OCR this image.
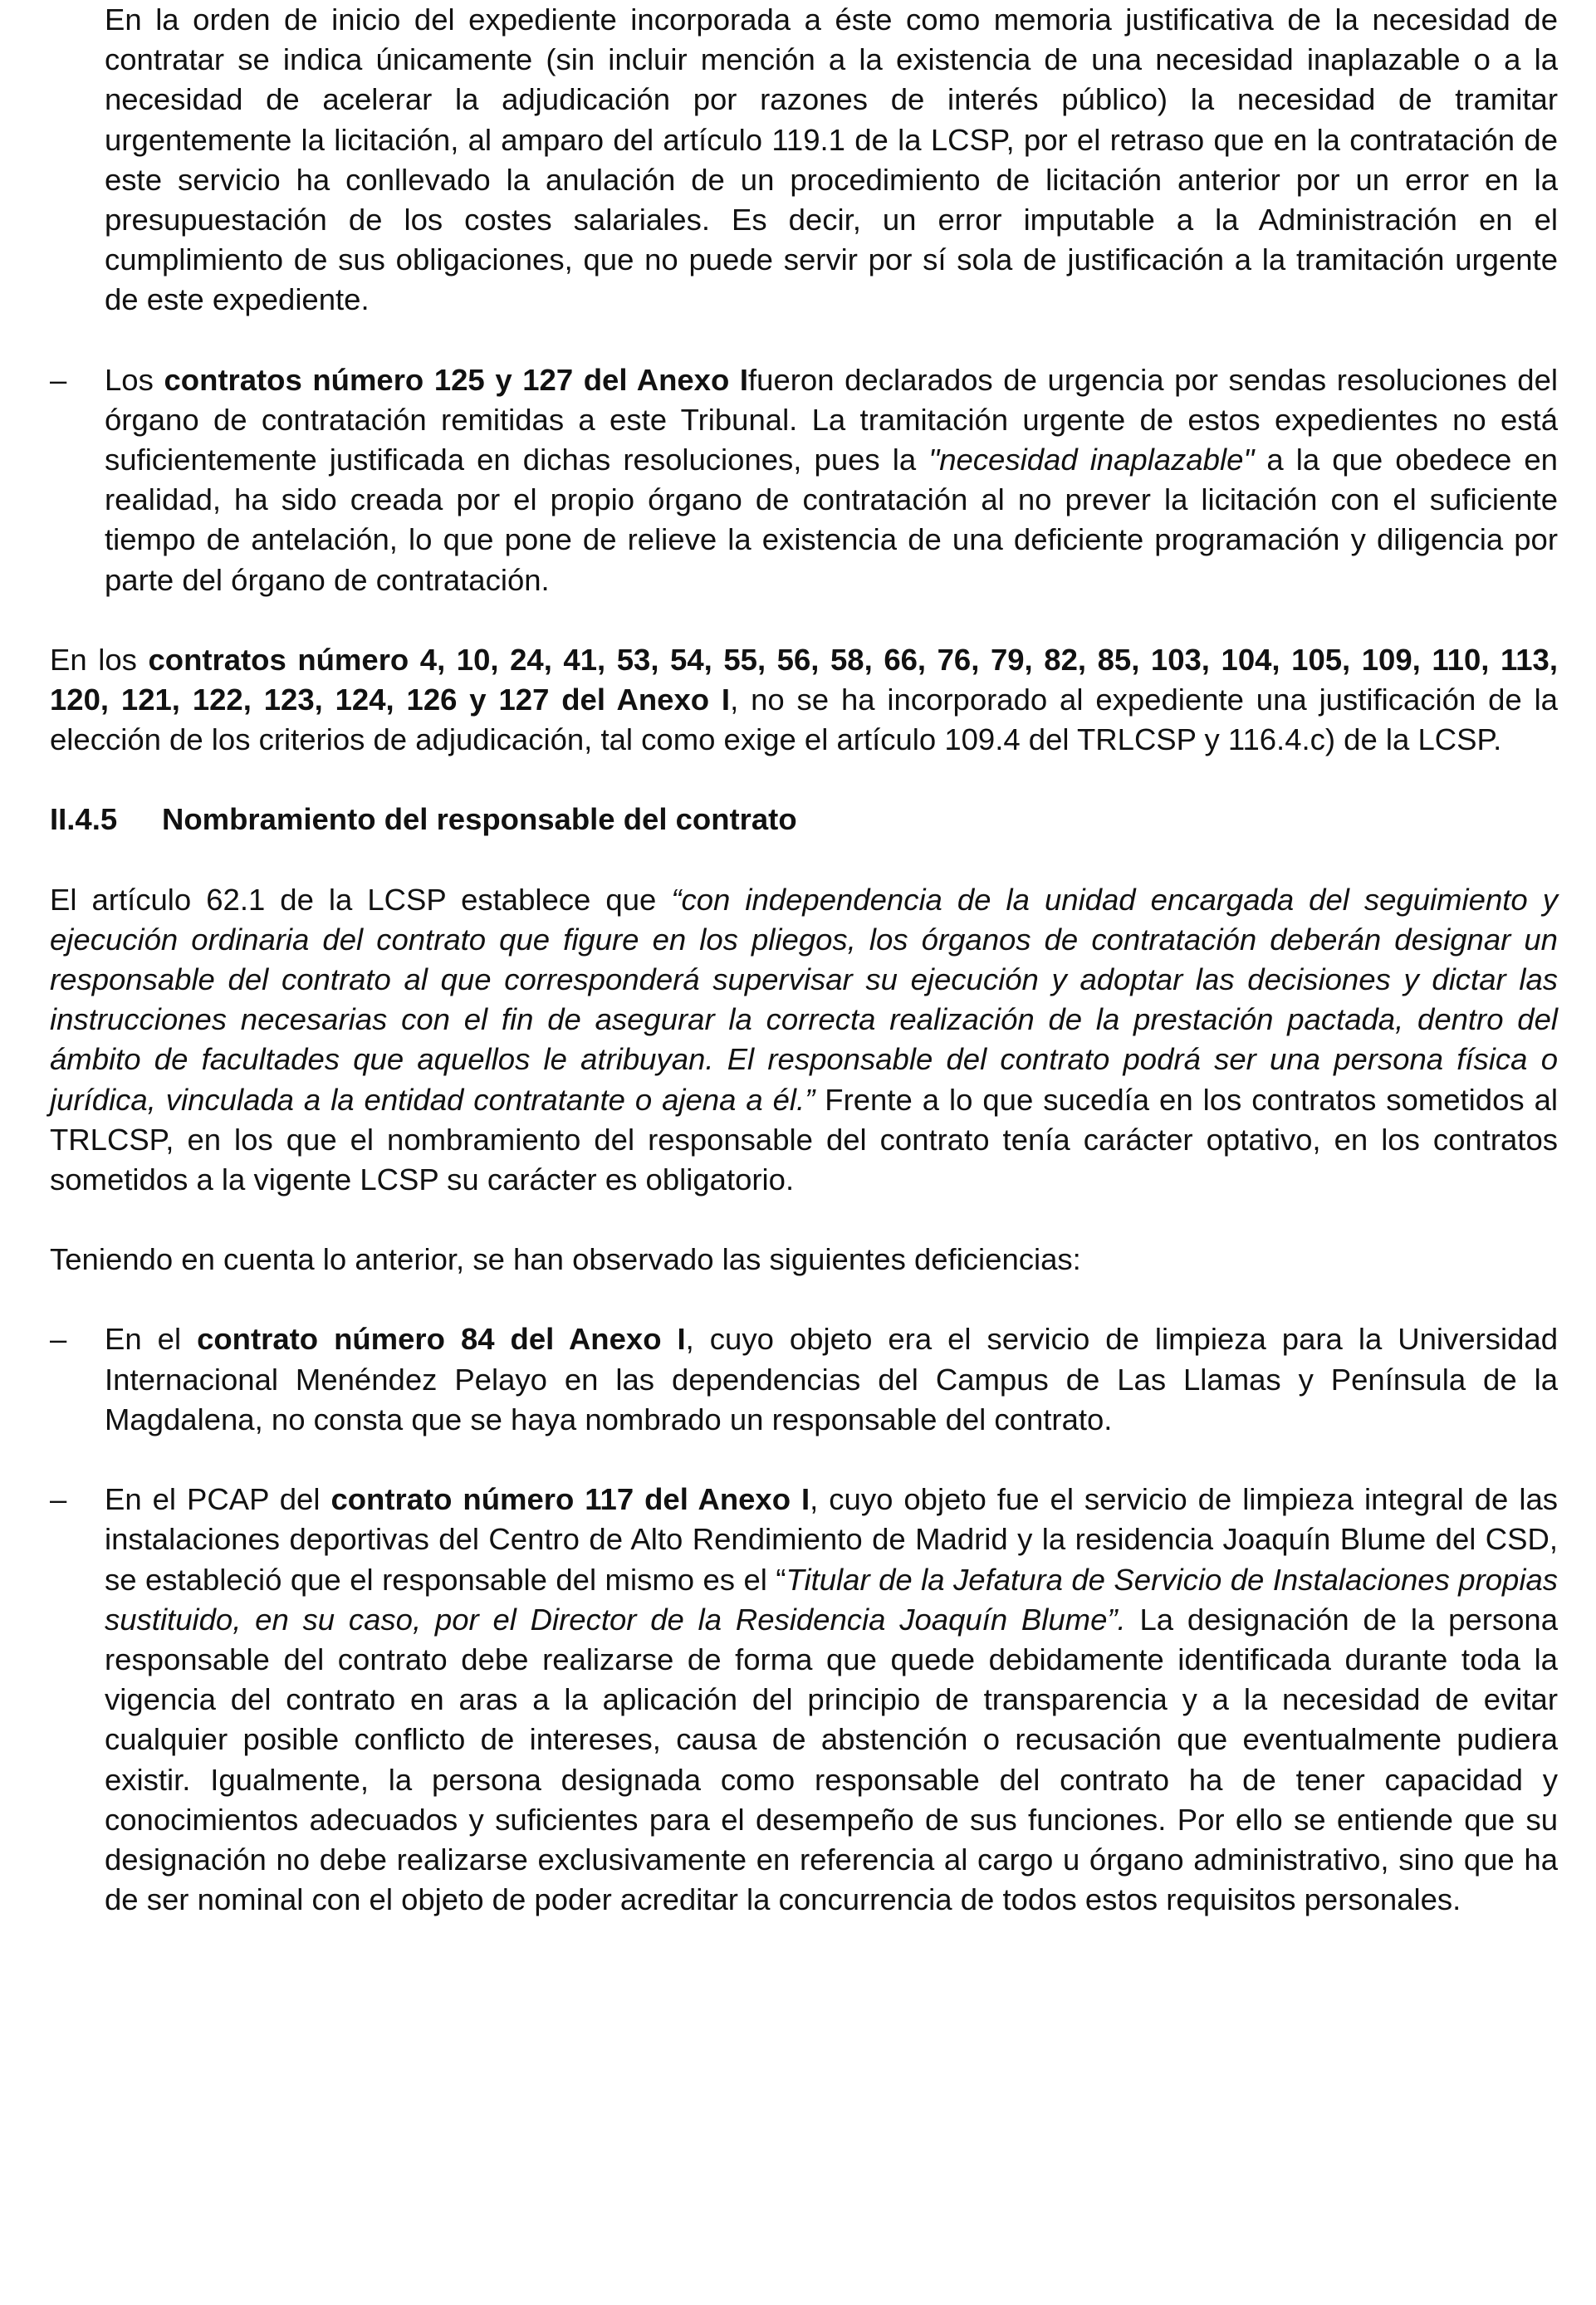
En la orden de inicio del expediente incorporada a éste como memoria justificativa de la necesidad de contratar se indica únicamente (sin incluir mención a la existencia de una necesidad inaplazable o a la necesidad de acelerar la adjudicación por razones de interés público) la necesidad de tramitar urgentemente la licitación, al amparo del artículo 119.1 de la LCSP, por el retraso que en la contratación de este servicio ha conllevado la anulación de un procedimiento de licitación anterior por un error en la presupuestación de los costes salariales. Es decir, un error imputable a la Administración en el cumplimiento de sus obligaciones, que no puede servir por sí sola de justificación a la tramitación urgente de este expediente.

– Los contratos número 125 y 127 del Anexo Ifueron declarados de urgencia por sendas resoluciones del órgano de contratación remitidas a este Tribunal. La tramitación urgente de estos expedientes no está suficientemente justificada en dichas resoluciones, pues la "necesidad inaplazable" a la que obedece en realidad, ha sido creada por el propio órgano de contratación al no prever la licitación con el suficiente tiempo de antelación, lo que pone de relieve la existencia de una deficiente programación y diligencia por parte del órgano de contratación.

En los contratos número 4, 10, 24, 41, 53, 54, 55, 56, 58, 66, 76, 79, 82, 85, 103, 104, 105, 109, 110, 113, 120, 121, 122, 123, 124, 126 y 127 del Anexo I, no se ha incorporado al expediente una justificación de la elección de los criterios de adjudicación, tal como exige el artículo 109.4 del TRLCSP y 116.4.c) de la LCSP.

II.4.5	Nombramiento del responsable del contrato

El artículo 62.1 de la LCSP establece que “con independencia de la unidad encargada del seguimiento y ejecución ordinaria del contrato que figure en los pliegos, los órganos de contratación deberán designar un responsable del contrato al que corresponderá supervisar su ejecución y adoptar las decisiones y dictar las instrucciones necesarias con el fin de asegurar la correcta realización de la prestación pactada, dentro del ámbito de facultades que aquellos le atribuyan. El responsable del contrato podrá ser una persona física o jurídica, vinculada a la entidad contratante o ajena a él.” Frente a lo que sucedía en los contratos sometidos al TRLCSP, en los que el nombramiento del responsable del contrato tenía carácter optativo, en los contratos sometidos a la vigente LCSP su carácter es obligatorio.

Teniendo en cuenta lo anterior, se han observado las siguientes deficiencias:

– En el contrato número 84 del Anexo I, cuyo objeto era el servicio de limpieza para la Universidad Internacional Menéndez Pelayo en las dependencias del Campus de Las Llamas y Península de la Magdalena, no consta que se haya nombrado un responsable del contrato.

– En el PCAP del contrato número 117 del Anexo I, cuyo objeto fue el servicio de limpieza integral de las instalaciones deportivas del Centro de Alto Rendimiento de Madrid y la residencia Joaquín Blume del CSD, se estableció que el responsable del mismo es el “Titular de la Jefatura de Servicio de Instalaciones propias sustituido, en su caso, por el Director de la Residencia Joaquín Blume”. La designación de la persona responsable del contrato debe realizarse de forma que quede debidamente identificada durante toda la vigencia del contrato en aras a la aplicación del principio de transparencia y a la necesidad de evitar cualquier posible conflicto de intereses, causa de abstención o recusación que eventualmente pudiera existir. Igualmente, la persona designada como responsable del contrato ha de tener capacidad y conocimientos adecuados y suficientes para el desempeño de sus funciones. Por ello se entiende que su designación no debe realizarse exclusivamente en referencia al cargo u órgano administrativo, sino que ha de ser nominal con el objeto de poder acreditar la concurrencia de todos estos requisitos personales.
